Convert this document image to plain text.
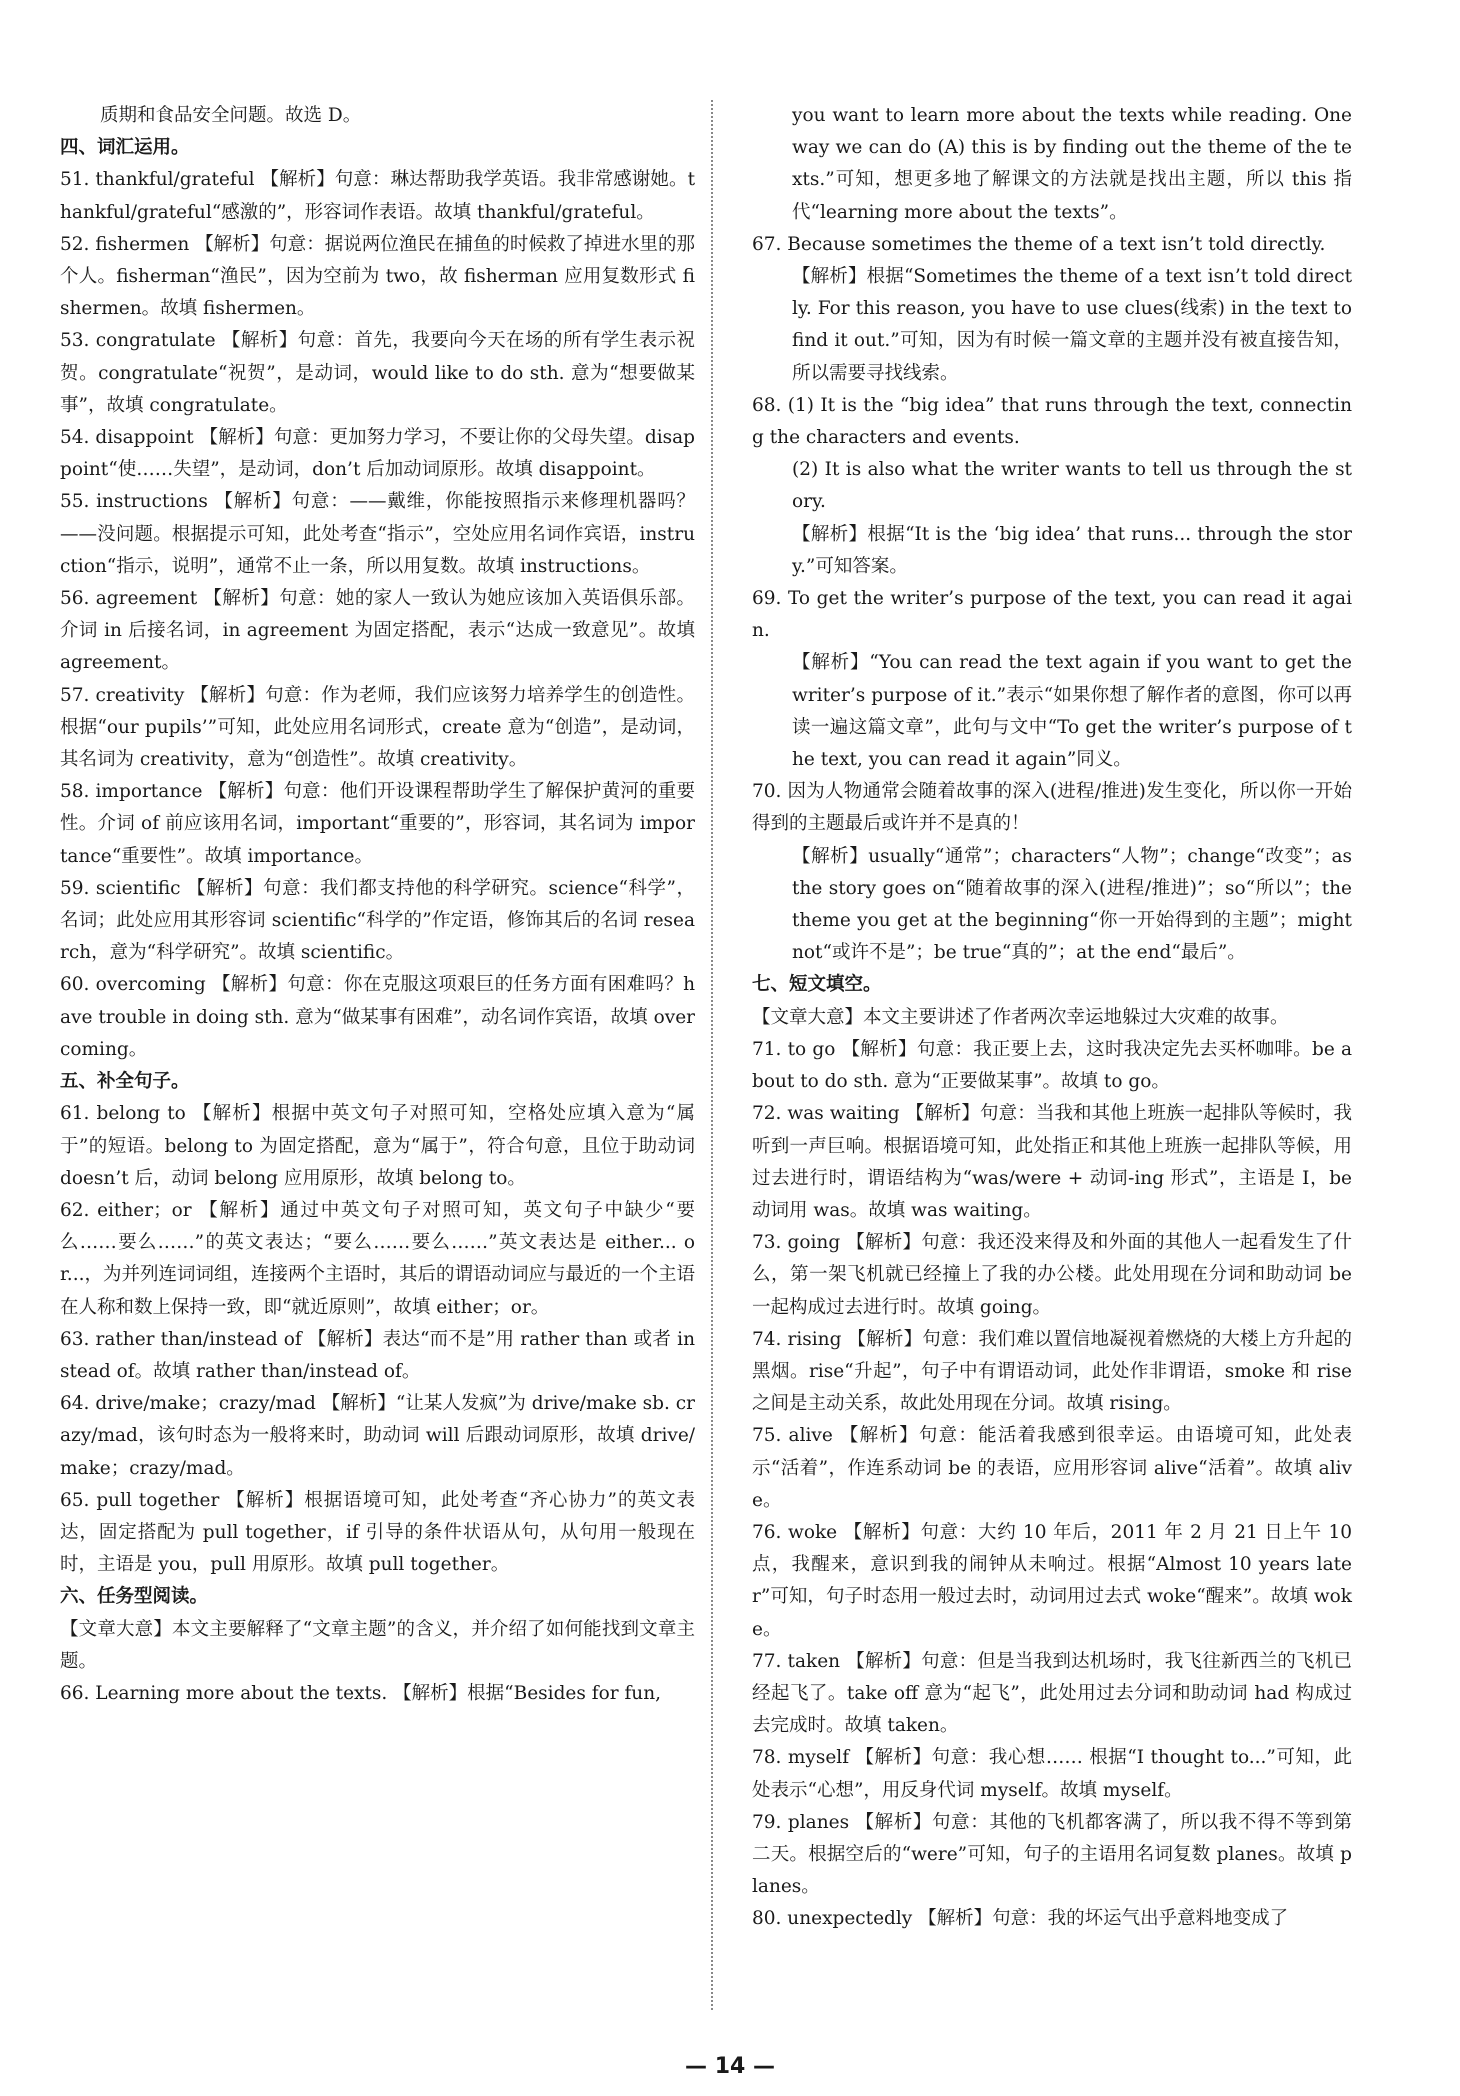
质期和食品安全问题。故选 D。
四、词汇运用。
51. thankful/grateful 【解析】句意：琳达帮助我学英语。我非常感谢她。thankful/grateful“感激的”，形容词作表语。故填 thankful/grateful。
52. fishermen 【解析】句意：据说两位渔民在捕鱼的时候救了掉进水里的那个人。fisherman“渔民”，因为空前为 two，故 fisherman 应用复数形式 fishermen。故填 fishermen。
53. congratulate 【解析】句意：首先，我要向今天在场的所有学生表示祝贺。congratulate“祝贺”，是动词，would like to do sth. 意为“想要做某事”，故填 congratulate。
54. disappoint 【解析】句意：更加努力学习，不要让你的父母失望。disappoint“使……失望”，是动词，don’t 后加动词原形。故填 disappoint。
55. instructions 【解析】句意：——戴维，你能按照指示来修理机器吗？——没问题。根据提示可知，此处考查“指示”，空处应用名词作宾语，instruction“指示，说明”，通常不止一条，所以用复数。故填 instructions。
56. agreement 【解析】句意：她的家人一致认为她应该加入英语俱乐部。介词 in 后接名词，in agreement 为固定搭配，表示“达成一致意见”。故填 agreement。
57. creativity 【解析】句意：作为老师，我们应该努力培养学生的创造性。根据“our pupils’”可知，此处应用名词形式，create 意为“创造”，是动词，其名词为 creativity，意为“创造性”。故填 creativity。
58. importance 【解析】句意：他们开设课程帮助学生了解保护黄河的重要性。介词 of 前应该用名词，important“重要的”，形容词，其名词为 importance“重要性”。故填 importance。
59. scientific 【解析】句意：我们都支持他的科学研究。science“科学”，名词；此处应用其形容词 scientific“科学的”作定语，修饰其后的名词 research，意为“科学研究”。故填 scientific。
60. overcoming 【解析】句意：你在克服这项艰巨的任务方面有困难吗？have trouble in doing sth. 意为“做某事有困难”，动名词作宾语，故填 overcoming。
五、补全句子。
61. belong to 【解析】根据中英文句子对照可知，空格处应填入意为“属于”的短语。belong to 为固定搭配，意为“属于”，符合句意，且位于助动词 doesn’t 后，动词 belong 应用原形，故填 belong to。
62. either；or 【解析】通过中英文句子对照可知，英文句子中缺少“要么……要么……”的英文表达；“要么……要么……”英文表达是 either... or...，为并列连词词组，连接两个主语时，其后的谓语动词应与最近的一个主语在人称和数上保持一致，即“就近原则”，故填 either；or。
63. rather than/instead of 【解析】表达“而不是”用 rather than 或者 instead of。故填 rather than/instead of。
64. drive/make；crazy/mad 【解析】“让某人发疯”为 drive/make sb. crazy/mad，该句时态为一般将来时，助动词 will 后跟动词原形，故填 drive/make；crazy/mad。
65. pull together 【解析】根据语境可知，此处考查“齐心协力”的英文表达，固定搭配为 pull together，if 引导的条件状语从句，从句用一般现在时，主语是 you，pull 用原形。故填 pull together。
六、任务型阅读。
【文章大意】本文主要解释了“文章主题”的含义，并介绍了如何能找到文章主题。
66. Learning more about the texts. 【解析】根据“Besides for fun,
you want to learn more about the texts while reading. One way we can do (A) this is by finding out the theme of the texts.”可知，想更多地了解课文的方法就是找出主题，所以 this 指代“learning more about the texts”。
67. Because sometimes the theme of a text isn’t told directly.
【解析】根据“Sometimes the theme of a text isn’t told directly. For this reason, you have to use clues(线索) in the text to find it out.”可知，因为有时候一篇文章的主题并没有被直接告知，所以需要寻找线索。
68. (1) It is the “big idea” that runs through the text, connecting the characters and events.
(2) It is also what the writer wants to tell us through the story.
【解析】根据“It is the ‘big idea’ that runs... through the story.”可知答案。
69. To get the writer’s purpose of the text, you can read it again.
【解析】“You can read the text again if you want to get the writer’s purpose of it.”表示“如果你想了解作者的意图，你可以再读一遍这篇文章”，此句与文中“To get the writer’s purpose of the text, you can read it again”同义。
70. 因为人物通常会随着故事的深入(进程/推进)发生变化，所以你一开始得到的主题最后或许并不是真的！
【解析】usually“通常”；characters“人物”；change“改变”；as the story goes on“随着故事的深入(进程/推进)”；so“所以”；the theme you get at the beginning“你一开始得到的主题”；might not“或许不是”；be true“真的”；at the end“最后”。
七、短文填空。
【文章大意】本文主要讲述了作者两次幸运地躲过大灾难的故事。
71. to go 【解析】句意：我正要上去，这时我决定先去买杯咖啡。be about to do sth. 意为“正要做某事”。故填 to go。
72. was waiting 【解析】句意：当我和其他上班族一起排队等候时，我听到一声巨响。根据语境可知，此处指正和其他上班族一起排队等候，用过去进行时，谓语结构为“was/were + 动词-ing 形式”，主语是 I，be 动词用 was。故填 was waiting。
73. going 【解析】句意：我还没来得及和外面的其他人一起看发生了什么，第一架飞机就已经撞上了我的办公楼。此处用现在分词和助动词 be 一起构成过去进行时。故填 going。
74. rising 【解析】句意：我们难以置信地凝视着燃烧的大楼上方升起的黑烟。rise“升起”，句子中有谓语动词，此处作非谓语，smoke 和 rise 之间是主动关系，故此处用现在分词。故填 rising。
75. alive 【解析】句意：能活着我感到很幸运。由语境可知，此处表示“活着”，作连系动词 be 的表语，应用形容词 alive“活着”。故填 alive。
76. woke 【解析】句意：大约 10 年后，2011 年 2 月 21 日上午 10 点，我醒来，意识到我的闹钟从未响过。根据“Almost 10 years later”可知，句子时态用一般过去时，动词用过去式 woke“醒来”。故填 woke。
77. taken 【解析】句意：但是当我到达机场时，我飞往新西兰的飞机已经起飞了。take off 意为“起飞”，此处用过去分词和助动词 had 构成过去完成时。故填 taken。
78. myself 【解析】句意：我心想…… 根据“I thought to...”可知，此处表示“心想”，用反身代词 myself。故填 myself。
79. planes 【解析】句意：其他的飞机都客满了，所以我不得不等到第二天。根据空后的“were”可知，句子的主语用名词复数 planes。故填 planes。
80. unexpectedly 【解析】句意：我的坏运气出乎意料地变成了
— 14 —
